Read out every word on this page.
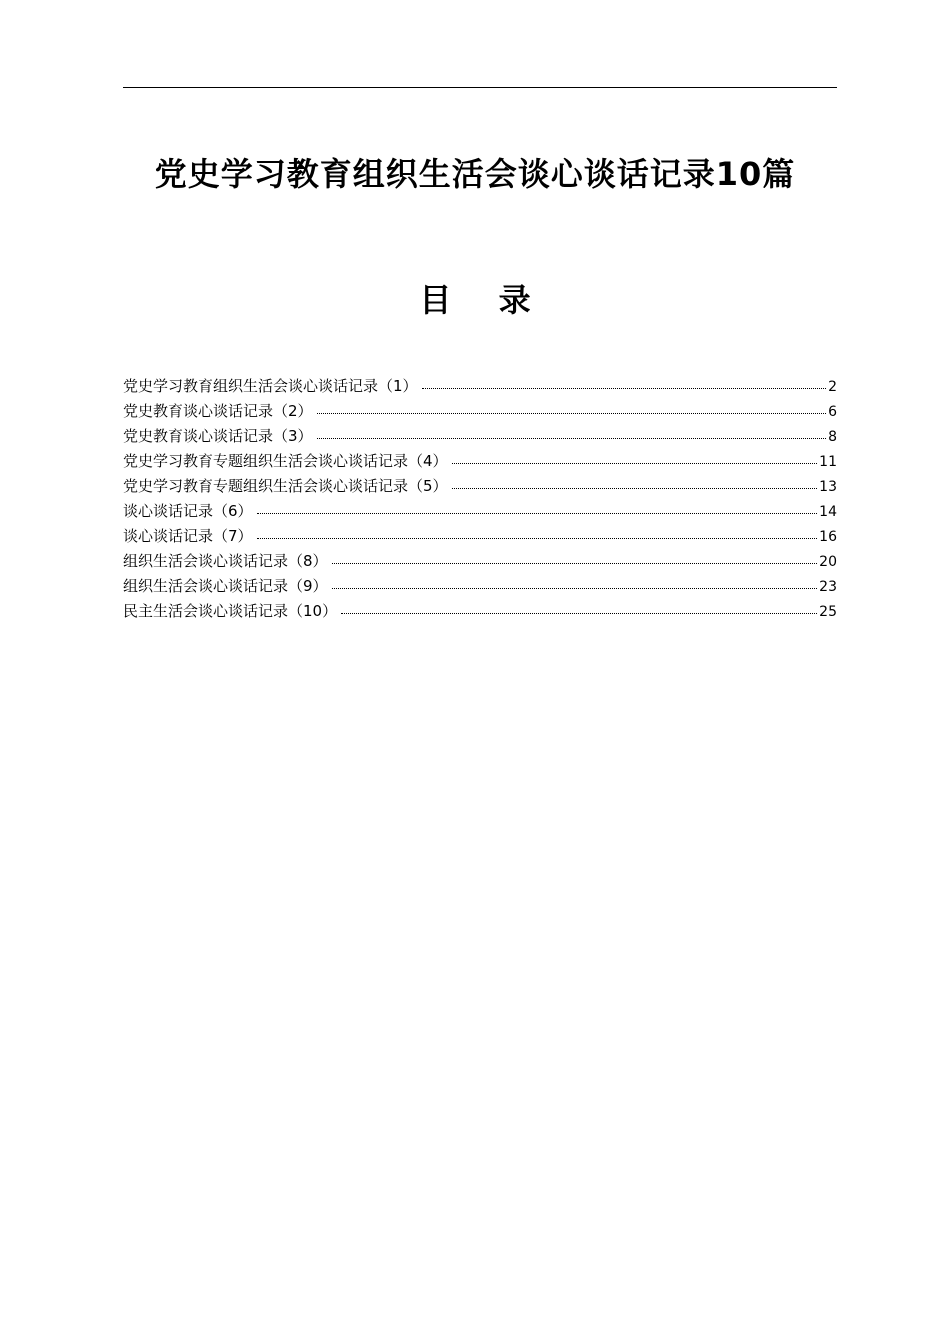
党史学习教育组织生活会谈心谈话记录10篇
目 录
党史学习教育组织生活会谈心谈话记录（1）	2
党史教育谈心谈话记录（2）	6
党史教育谈心谈话记录（3）	8
党史学习教育专题组织生活会谈心谈话记录（4）	11
党史学习教育专题组织生活会谈心谈话记录（5）	13
谈心谈话记录（6）	14
谈心谈话记录（7）	16
组织生活会谈心谈话记录（8）	20
组织生活会谈心谈话记录（9）	23
民主生活会谈心谈话记录（10）	25
